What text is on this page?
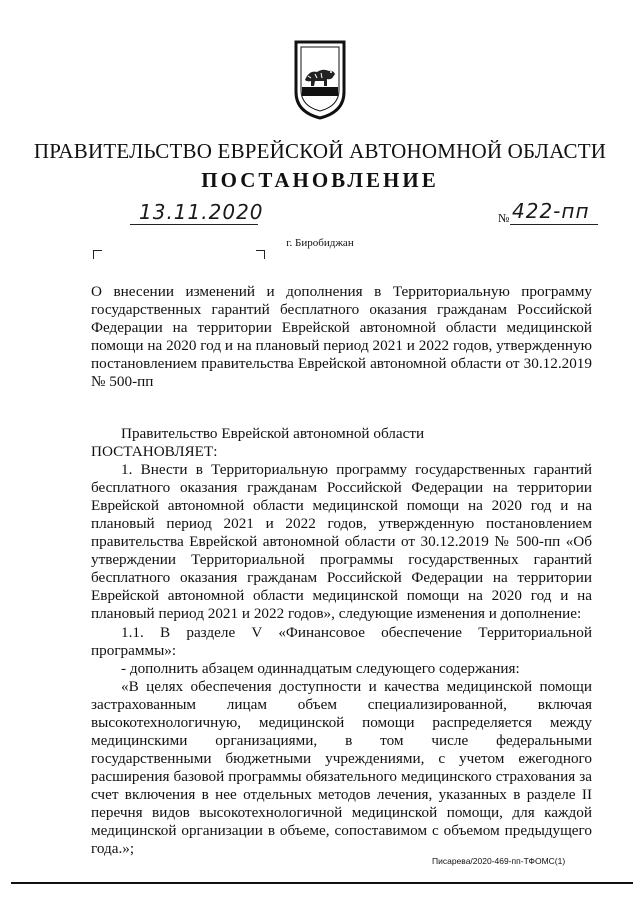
ПРАВИТЕЛЬСТВО ЕВРЕЙСКОЙ АВТОНОМНОЙ ОБЛАСТИ
ПОСТАНОВЛЕНИЕ
13.11.2020	№ 422-пп
г. Биробиджан

О внесении изменений и дополнения в Территориальную программу государственных гарантий бесплатного оказания гражданам Российской Федерации на территории Еврейской автономной области медицинской помощи на 2020 год и на плановый период 2021 и 2022 годов, утвержденную постановлением правительства Еврейской автономной области от 30.12.2019 № 500-пп

Правительство Еврейской автономной области

ПОСТАНОВЛЯЕТ:

1. Внести в Территориальную программу государственных гарантий бесплатного оказания гражданам Российской Федерации на территории Еврейской автономной области медицинской помощи на 2020 год и на плановый период 2021 и 2022 годов, утвержденную постановлением правительства Еврейской автономной области от 30.12.2019 № 500-пп «Об утверждении Территориальной программы государственных гарантий бесплатного оказания гражданам Российской Федерации на территории Еврейской автономной области медицинской помощи на 2020 год и на плановый период 2021 и 2022 годов», следующие изменения и дополнение:

1.1. В разделе V «Финансовое обеспечение Территориальной программы»:

- дополнить абзацем одиннадцатым следующего содержания:

«В целях обеспечения доступности и качества медицинской помощи застрахованным лицам объем специализированной, включая высокотехнологичную, медицинской помощи распределяется между медицинскими организациями, в том числе федеральными государственными бюджетными учреждениями, с учетом ежегодного расширения базовой программы обязательного медицинского страхования за счет включения в нее отдельных методов лечения, указанных в разделе II перечня видов высокотехнологичной медицинской помощи, для каждой медицинской организации в объеме, сопоставимом с объемом предыдущего года.»;

Писарева/2020-469-пп-ТФОМС(1)
